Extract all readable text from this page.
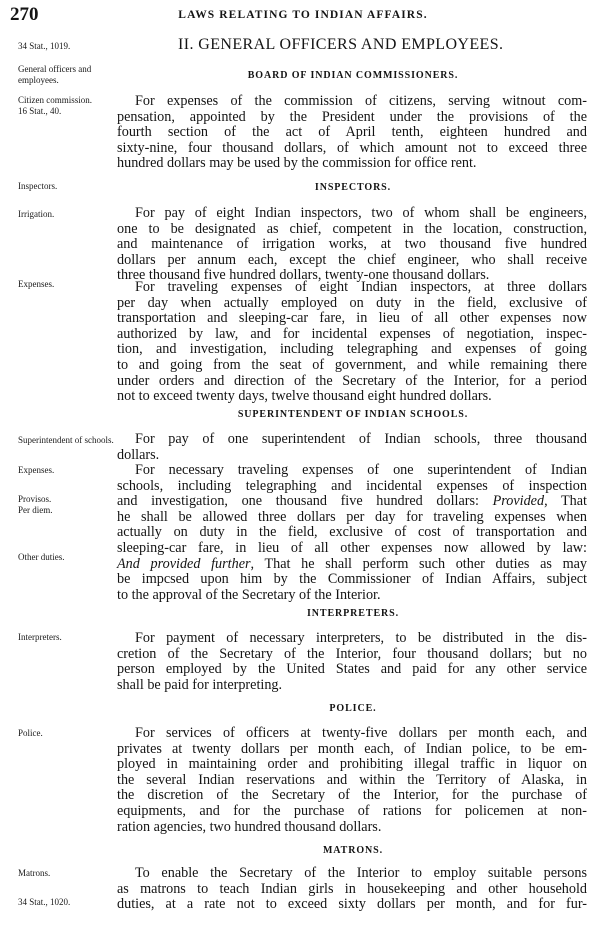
270	LAWS RELATING TO INDIAN AFFAIRS.
34 Stat., 1019.
General officers and employees.
Citizen commission.
16 Stat., 40.
Inspectors.
Irrigation.
Expenses.
Superintendent of schools.
Expenses.
Provisos.
Per diem.
Other duties.
Interpreters.
Police.
Matrons.
34 Stat., 1020.
II. GENERAL OFFICERS AND EMPLOYEES.
BOARD OF INDIAN COMMISSIONERS.
For expenses of the commission of citizens, serving witnout com-
pensation, appointed by the President under the provisions of the
fourth section of the act of April tenth, eighteen hundred and
sixty-nine, four thousand dollars, of which amount not to exceed three
hundred dollars may be used by the commission for office rent.
INSPECTORS.
For pay of eight Indian inspectors, two of whom shall be engineers,
one to be designated as chief, competent in the location, construction,
and maintenance of irrigation works, at two thousand five hundred
dollars per annum each, except the chief engineer, who shall receive
three thousand five hundred dollars, twenty-one thousand dollars.
For traveling expenses of eight Indian inspectors, at three dollars
per day when actually employed on duty in the field, exclusive of
transportation and sleeping-car fare, in lieu of all other expenses now
authorized by law, and for incidental expenses of negotiation, inspec-
tion, and investigation, including telegraphing and expenses of going
to and going from the seat of government, and while remaining there
under orders and direction of the Secretary of the Interior, for a period
not to exceed twenty days, twelve thousand eight hundred dollars.
SUPERINTENDENT OF INDIAN SCHOOLS.
For pay of one superintendent of Indian schools, three thousand
dollars.
For necessary traveling expenses of one superintendent of Indian
schools, including telegraphing and incidental expenses of inspection
and investigation, one thousand five hundred dollars: Provided, That
he shall be allowed three dollars per day for traveling expenses when
actually on duty in the field, exclusive of cost of transportation and
sleeping-car fare, in lieu of all other expenses now allowed by law:
And provided further, That he shall perform such other duties as may
be impcsed upon him by the Commissioner of Indian Affairs, subject
to the approval of the Secretary of the Interior.
INTERPRETERS.
For payment of necessary interpreters, to be distributed in the dis-
cretion of the Secretary of the Interior, four thousand dollars; but no
person employed by the United States and paid for any other service
shall be paid for interpreting.
POLICE.
For services of officers at twenty-five dollars per month each, and
privates at twenty dollars per month each, of Indian police, to be em-
ployed in maintaining order and prohibiting illegal traffic in liquor on
the several Indian reservations and within the Territory of Alaska, in
the discretion of the Secretary of the Interior, for the purchase of
equipments, and for the purchase of rations for policemen at non-
ration agencies, two hundred thousand dollars.
MATRONS.
To enable the Secretary of the Interior to employ suitable persons
as matrons to teach Indian girls in housekeeping and other household
duties, at a rate not to exceed sixty dollars per month, and for fur-
